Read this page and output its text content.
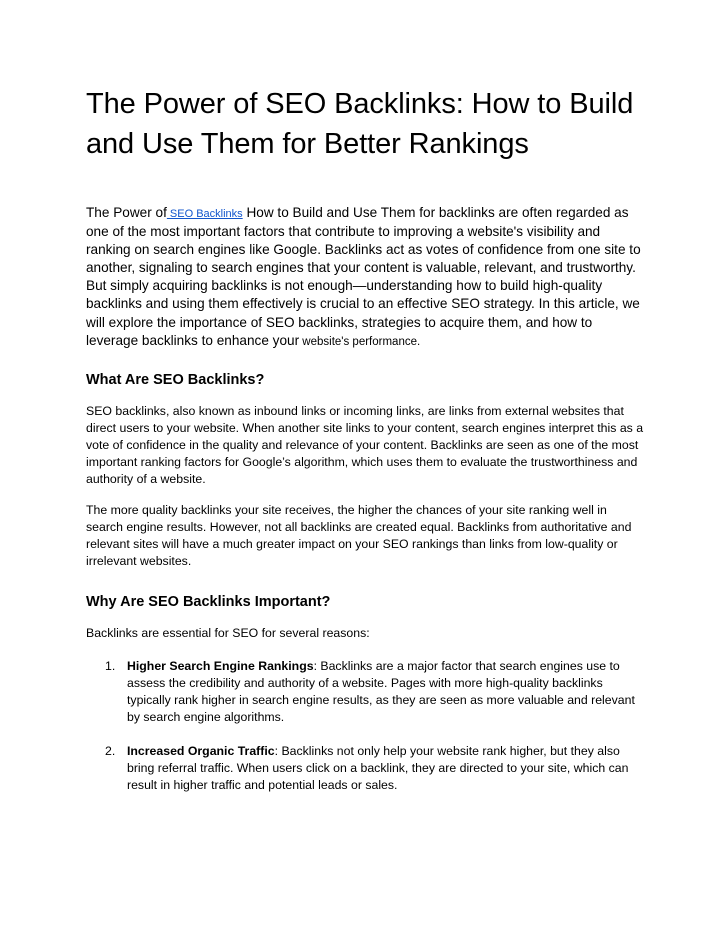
The Power of SEO Backlinks: How to Build and Use Them for Better Rankings

The Power of SEO Backlinks How to Build and Use Them for backlinks are often regarded as one of the most important factors that contribute to improving a website's visibility and ranking on search engines like Google. Backlinks act as votes of confidence from one site to another, signaling to search engines that your content is valuable, relevant, and trustworthy. But simply acquiring backlinks is not enough—understanding how to build high-quality backlinks and using them effectively is crucial to an effective SEO strategy. In this article, we will explore the importance of SEO backlinks, strategies to acquire them, and how to leverage backlinks to enhance your website's performance.

What Are SEO Backlinks?

SEO backlinks, also known as inbound links or incoming links, are links from external websites that direct users to your website. When another site links to your content, search engines interpret this as a vote of confidence in the quality and relevance of your content. Backlinks are seen as one of the most important ranking factors for Google’s algorithm, which uses them to evaluate the trustworthiness and authority of a website.

The more quality backlinks your site receives, the higher the chances of your site ranking well in search engine results. However, not all backlinks are created equal. Backlinks from authoritative and relevant sites will have a much greater impact on your SEO rankings than links from low-quality or irrelevant websites.

Why Are SEO Backlinks Important?

Backlinks are essential for SEO for several reasons:

1. Higher Search Engine Rankings: Backlinks are a major factor that search engines use to assess the credibility and authority of a website. Pages with more high-quality backlinks typically rank higher in search engine results, as they are seen as more valuable and relevant by search engine algorithms.
2. Increased Organic Traffic: Backlinks not only help your website rank higher, but they also bring referral traffic. When users click on a backlink, they are directed to your site, which can result in higher traffic and potential leads or sales.
